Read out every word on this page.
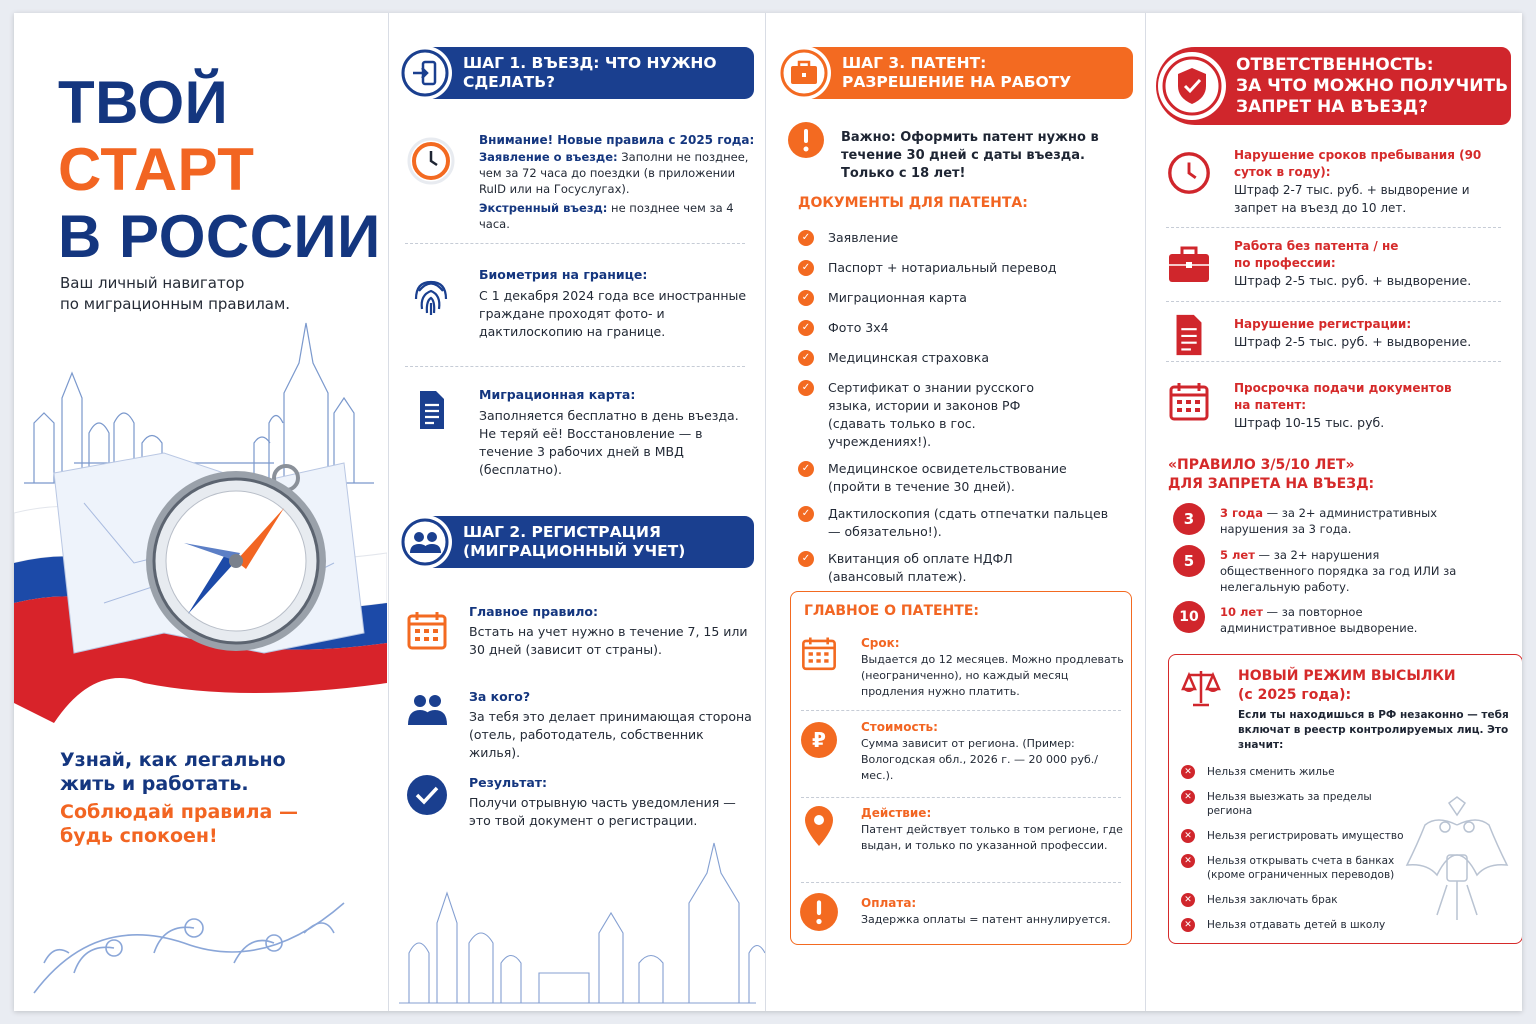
ТВОЙ
СТАРТ
В РОССИИ
Ваш личный навигатор
по миграционным правилам.
Узнай, как легально
жить и работать.
Соблюдай правила —
будь спокоен!
ШАГ 1. ВЪЕЗД: ЧТО НУЖНО СДЕЛАТЬ?
Внимание! Новые правила с 2025 года:
Заявление о въезде: Заполни не позднее, чем за 72 часа до поездки (в приложении RuID или на Госуслугах).
Экстренный въезд: не позднее чем за 4 часа.
Биометрия на границе:
С 1 декабря 2024 года все иностранные граждане проходят фото- и дактилоскопию на границе.
Миграционная карта:
Заполняется бесплатно в день въезда. Не теряй её! Восстановление — в течение 3 рабочих дней в МВД (бесплатно).
ШАГ 2. РЕГИСТРАЦИЯ
(МИГРАЦИОННЫЙ УЧЕТ)
Главное правило:
Встать на учет нужно в течение 7, 15 или 30 дней (зависит от страны).
За кого?
За тебя это делает принимающая сторона (отель, работодатель, собственник жилья).
Результат:
Получи отрывную часть уведомления — это твой документ о регистрации.
ШАГ 3. ПАТЕНТ:
РАЗРЕШЕНИЕ НА РАБОТУ
Важно: Оформить патент нужно в течение 30 дней с даты въезда. Только с 18 лет!
ДОКУМЕНТЫ ДЛЯ ПАТЕНТА:
✓	Заявление
✓	Паспорт + нотариальный перевод
✓	Миграционная карта
✓	Фото 3х4
✓	Медицинская страховка
✓	Сертификат о знании русского языка, истории и законов РФ (сдавать только в гос. учреждениях!).
✓	Медицинское освидетельствование (пройти в течение 30 дней).
✓	Дактилоскопия (сдать отпечатки пальцев — обязательно!).
✓	Квитанция об оплате НДФЛ (авансовый платеж).
ГЛАВНОЕ О ПАТЕНТЕ:
Срок:
Выдается до 12 месяцев. Можно продлевать (неограниченно), но каждый месяц продления нужно платить.
₽
Стоимость:
Сумма зависит от региона. (Пример: Вологодская обл., 2026 г. — 20 000 руб./мес.).
Действие:
Патент действует только в том регионе, где выдан, и только по указанной профессии.
Оплата:
Задержка оплаты = патент аннулируется.
ОТВЕТСТВЕННОСТЬ:
ЗА ЧТО МОЖНО ПОЛУЧИТЬ
ЗАПРЕТ НА ВЪЕЗД?
Нарушение сроков пребывания (90 суток в году):
Штраф 2-7 тыс. руб. + выдворение и запрет на въезд до 10 лет.
Работа без патента / не по профессии:
Штраф 2-5 тыс. руб. + выдворение.
Нарушение регистрации:
Штраф 2-5 тыс. руб. + выдворение.
Просрочка подачи документов на патент:
Штраф 10-15 тыс. руб.
«ПРАВИЛО 3/5/10 ЛЕТ»
ДЛЯ ЗАПРЕТА НА ВЪЕЗД:
3	3 года — за 2+ административных нарушения за 3 года.
5	5 лет — за 2+ нарушения общественного порядка за год ИЛИ за нелегальную работу.
10	10 лет — за повторное административное выдворение.
НОВЫЙ РЕЖИМ ВЫСЫЛКИ
(с 2025 года):
Если ты находишься в РФ незаконно — тебя включат в реестр контролируемых лиц. Это значит:
✕	Нельзя сменить жилье
✕	Нельзя выезжать за пределы региона
✕	Нельзя регистрировать имущество
✕	Нельзя открывать счета в банках (кроме ограниченных переводов)
✕	Нельзя заключать брак
✕	Нельзя отдавать детей в школу
